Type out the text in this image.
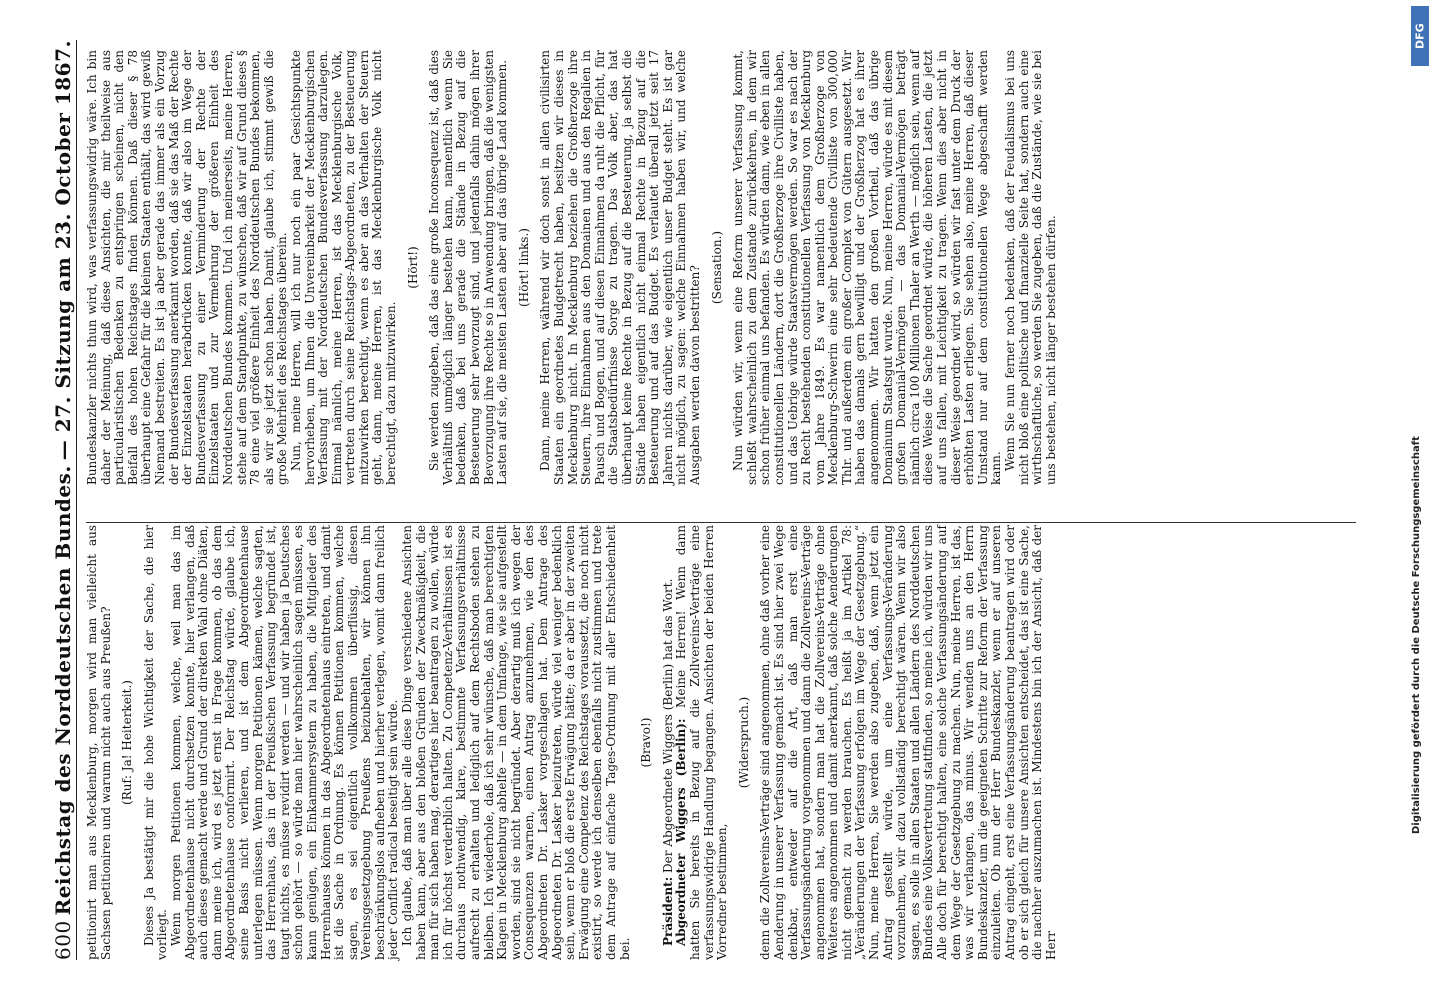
600
Reichstag des Norddeutschen Bundes.
— 27. Sitzung am 23. October 1867.

petitionirt man aus Mecklenburg, morgen wird man vielleicht aus Sachsen petitioniren und warum nicht auch aus Preußen? (Ruf: Ja! Heiterkeit.) Dieses Ja bestätigt mir die hohe Wichtigkeit der Sache, die hier vorliegt. Wenn morgen Petitionen kommen, welche, weil man das im Abgeordnetenhause nicht durchsetzen konnte, hier verlangen, daß auch dieses gemacht werde und Grund der direkten Wahl ohne Diäten, dann meine ich, wird es jetzt ernst in Frage kommen, ob das dem Abgeordnetenhause conformirt. Der Reichstag würde, glaube ich, seine Basis nicht verlieren, und ist dem Abgeordnetenhause unterlegen müssen. Wenn morgen Petitionen kämen, welche sagten, das Herrenhaus, das in der Preußischen Verfassung begründet ist, taugt nichts, es müsse revidirt werden — und wir haben ja Deutsches schon gehört — so würde man hier wahrscheinlich sagen müssen, es kann genügen, ein Einkammersystem zu haben, die Mitglieder des Herrenhauses können in das Abgeordnetenhaus eintreten, und damit ist die Sache in Ordnung. Es können Petitionen kommen, welche sagen, es sei eigentlich vollkommen überflüssig, diesen Vereinsgesetzgebung Preußens beizubehalten, wir können ihn beschränkungslos aufheben und hierher verlegen, womit dann freilich jeder Conflict radical beseitigt sein würde. Ich glaube, daß man über alle diese Dinge verschiedene Ansichten haben kann, aber aus den bloßen Gründen der Zweckmäßigkeit, die man für sich haben mag, derartiges hier beantragen zu wollen, würde ich für höchst verderblich halten. Zu Competenz-Verhältnissen ist es durchaus nothwendig, klare, bestimmte Verfassungsverhältnisse aufrecht zu erhalten und lediglich auf dem Rechtsboden stehen zu bleiben. Ich wiederhole, daß ich sehr wünsche, daß man berechtigten Klagen in Mecklenburg abhelfe — in dem Umfange, wie sie aufgestellt worden, sind sie nicht begründet. Aber derartig muß ich wegen der Consequenzen warnen, einen Antrag anzunehmen, wie den des Abgeordneten Dr. Lasker vorgeschlagen hat. Dem Antrage des Abgeordneten Dr. Lasker beizutreten, würde viel weniger bedenklich sein, wenn er bloß die erste Erwägung hätte; da er aber in der zweiten Erwägung eine Competenz des Reichstages voraussetzt, die noch nicht existirt, so werde ich denselben ebenfalls nicht zustimmen und trete dem Antrage auf einfache Tages-Ordnung mit aller Entschiedenheit bei.

(Bravo!)

Präsident: Der Abgeordnete Wiggers (Berlin) hat das Wort. Abgeordneter Wiggers (Berlin): Meine Herren! Wenn dann hatten Sie bereits in Bezug auf die Zollvereins-Verträge eine verfassungswidrige Handlung begangen. Ansichten der beiden Herren Vorredner bestimmen,

(Widerspruch.) denn die Zollvereins-Verträge sind angenommen, ohne daß vorher eine Aenderung in unserer Verfassung gemacht ist. Es sind hier zwei Wege denkbar, entweder auf die Art, daß man erst eine Verfassungsänderung vorgenommen und dann die Zollvereins-Verträge angenommen hat, sondern man hat die Zollvereins-Verträge ohne Weiteres angenommen und damit anerkannt, daß solche Aenderungen nicht gemacht zu werden brauchen. Es heißt ja im Artikel 78: „Veränderungen der Verfassung erfolgen im Wege der Gesetzgebung.“ Nun, meine Herren, Sie werden also zugeben, daß, wenn jetzt ein Antrag gestellt würde, um eine Verfassungs-Veränderung vorzunehmen, wir dazu vollständig berechtigt wären. Wenn wir also sagen, es solle in allen Staaten und allen Ländern des Norddeutschen Bundes eine Volksvertretung stattfinden, so meine ich, würden wir uns Alle doch für berechtigt halten, eine solche Verfassungsänderung auf dem Wege der Gesetzgebung zu machen. Nun, meine Herren, ist das, was wir verlangen, das minus. Wir wenden uns an den Herrn Bundeskanzler, um die geeigneten Schritte zur Reform der Verfassung einzuleiten. Ob nun der Herr Bundeskanzler, wenn er auf unseren Antrag eingeht, erst eine Verfassungsänderung beantragen wird oder ob er sich gleich für unsere Ansichten entscheidet, das ist eine Sache, die nachher auszumachen ist. Mindestens bin ich der Ansicht, daß der Herr

Bundeskanzler nichts thun wird, was verfassungswidrig wäre. Ich bin daher der Meinung, daß diese Ansichten, die mir theilweise aus particularistischen Bedenken zu entspringen scheinen, nicht den Beifall des hohen Reichstages finden können. Daß dieser § 78 überhaupt eine Gefahr für die kleinen Staaten enthält, das wird gewiß Niemand bestreiten. Es ist ja aber gerade das immer als ein Vorzug der Bundesverfassung anerkannt worden, daß sie das Maß der Rechte der Einzelstaaten herabdrücken konnte, daß wir also im Wege der Bundesverfassung zu einer Verminderung der Rechte der Einzelstaaten und zur Vermehrung der größeren Einheit des Norddeutschen Bundes kommen. Und ich meinerseits, meine Herren, stehe auf dem Standpunkte, zu wünschen, daß wir auf Grund dieses § 78 eine viel größere Einheit des Norddeutschen Bundes bekommen, als wir sie jetzt schon haben. Damit, glaube ich, stimmt gewiß die große Mehrheit des Reichstages überein. Nun, meine Herren, will ich nur noch ein paar Gesichtspunkte hervorheben, um Ihnen die Unvereinbarkeit der Mecklenburgischen Verfassung mit der Norddeutschen Bundesverfassung darzulegen. Einmal nämlich, meine Herren, ist das Mecklenburgische Volk, vertreten durch seine Reichstags-Abgeordneten, zu der Besteuerung mitzuwirken berechtigt, wenn es aber an das Verhalten der Steuern geht, dann, meine Herren, ist das Mecklenburgische Volk nicht berechtigt, dazu mitzuwirken.

(Hört!) Sie werden zugeben, daß das eine große Inconsequenz ist, daß dies Verhältniß unmöglich länger bestehen kann, namentlich wenn Sie bedenken, daß bei uns gerade die Stände in Bezug auf die Besteuerung sehr bevorzugt sind, und jedenfalls dahin mögen ihrer Bevorzugung ihre Rechte so in Anwendung bringen, daß die wenigsten Lasten auf sie, die meisten Lasten aber auf das übrige Land kommen. (Hört! links.) Dann, meine Herren, während wir doch sonst in allen civilisirten Staaten ein geordnetes Budgetrecht haben, besitzen wir dieses in Mecklenburg nicht. In Mecklenburg beziehen die Großherzoge ihre Steuern, ihre Einnahmen aus den Domainen und aus den Regalien in Pausch und Bogen, und auf diesen Einnahmen da ruht die Pflicht, für die Staatsbedürfnisse Sorge zu tragen. Das Volk aber, das hat überhaupt keine Rechte in Bezug auf die Besteuerung, ja selbst die Stände haben eigentlich nicht einmal Rechte in Bezug auf die Besteuerung und auf das Budget. Es verlautet überall jetzt seit 17 Jahren nichts darüber, wie eigentlich unser Budget steht. Es ist gar nicht möglich, zu sagen: welche Einnahmen haben wir, und welche Ausgaben werden davon bestritten? (Sensation.) Nun würden wir, wenn eine Reform unserer Verfassung kommt, schleßt wahrscheinlich zu dem Zustande zurückkehren, in dem wir schon früher einmal uns befanden. Es würden dann, wie eben in allen constitutionellen Ländern, dort die Großherzoge ihre Civilliste haben, und das Uebrige würde Staatsvermögen werden. So war es nach der zu Recht bestehenden constitutionellen Verfassung von Mecklenburg vom Jahre 1849. Es war namentlich dem Großherzoge von Mecklenburg-Schwerin eine sehr bedeutende Civilliste von 300,000 Thlr. und außerdem ein großer Complex von Gütern ausgesetzt. Wir haben das damals gern bewilligt und der Großherzog hat es ihrer angenommen. Wir hatten den großen Vortheil, daß das übrige Domainum Staatsgut wurde. Nun, meine Herren, würde es mit diesem großen Domanial-Vermögen — das Domanial-Vermögen beträgt nämlich circa 100 Millionen Thaler an Werth — möglich sein, wenn auf diese Weise die Sache geordnet würde, die höheren Lasten, die jetzt auf uns fallen, mit Leichtigkeit zu tragen. Wenn dies aber nicht in dieser Weise geordnet wird, so würden wir fast unter dem Druck der erhöhten Lasten erliegen. Sie sehen also, meine Herren, daß dieser Umstand nur auf dem constitutionellen Wege abgeschafft werden kann. Wenn Sie nun ferner noch bedenken, daß der Feudalismus bei uns nicht bloß eine politische und finanzielle Seite hat, sondern auch eine wirthschaftliche, so werden Sie zugeben, daß die Zustände, wie sie bei uns bestehen, nicht länger bestehen dürfen.

DFG
Digitalisierung gefördert durch die Deutsche Forschungsgemeinschaft
